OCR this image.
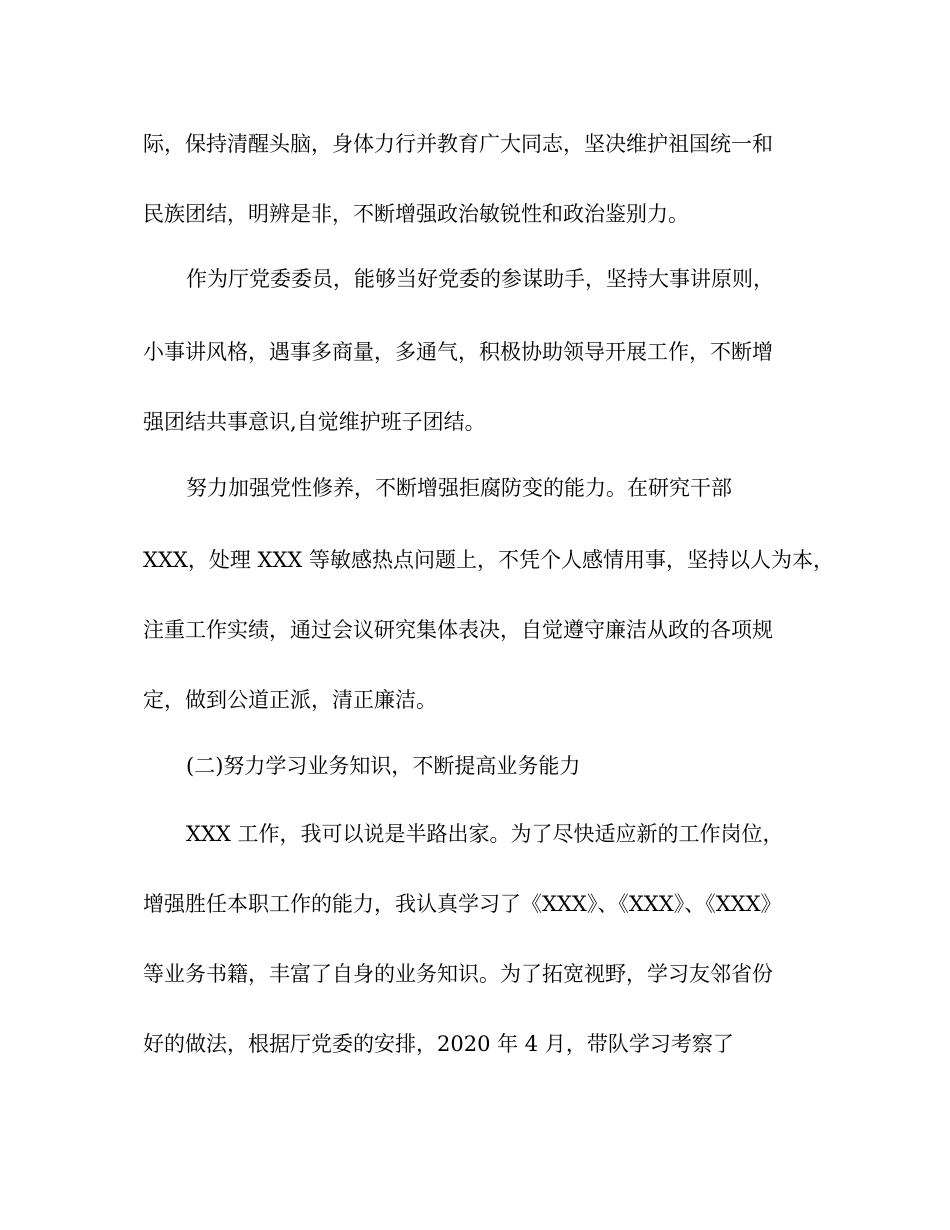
际，保持清醒头脑，身体力行并教育广大同志，坚决维护祖国统一和
民族团结，明辨是非，不断增强政治敏锐性和政治鉴别力。
作为厅党委委员，能够当好党委的参谋助手，坚持大事讲原则，
小事讲风格，遇事多商量，多通气，积极协助领导开展工作，不断增
强团结共事意识,自觉维护班子团结。
努力加强党性修养，不断增强拒腐防变的能力。在研究干部
XXX，处理 XXX 等敏感热点问题上，不凭个人感情用事，坚持以人为本，
注重工作实绩，通过会议研究集体表决，自觉遵守廉洁从政的各项规
定，做到公道正派，清正廉洁。
(二)努力学习业务知识，不断提高业务能力
XXX 工作，我可以说是半路出家。为了尽快适应新的工作岗位，
增强胜任本职工作的能力，我认真学习了《XXX》、《XXX》、《XXX》
等业务书籍，丰富了自身的业务知识。为了拓宽视野，学习友邻省份
好的做法，根据厅党委的安排，2020 年 4 月，带队学习考察了
